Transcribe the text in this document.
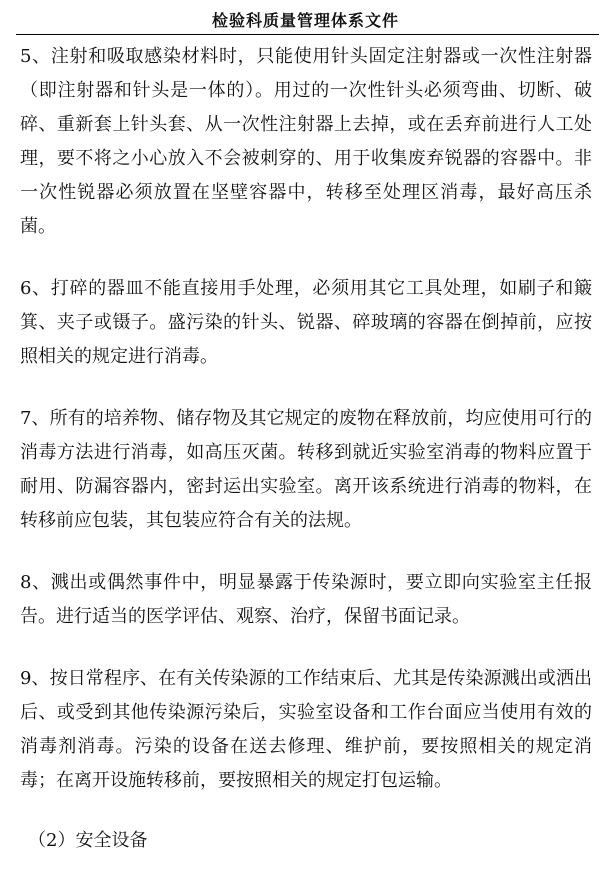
检验科质量管理体系文件

5、注射和吸取感染材料时，只能使用针头固定注射器或一次性注射器（即注射器和针头是一体的）。用过的一次性针头必须弯曲、切断、破碎、重新套上针头套、从一次性注射器上去掉，或在丢弃前进行人工处理，要不将之小心放入不会被刺穿的、用于收集废弃锐器的容器中。非一次性锐器必须放置在坚壁容器中，转移至处理区消毒，最好高压杀菌。

6、打碎的器皿不能直接用手处理，必须用其它工具处理，如刷子和簸箕、夹子或镊子。盛污染的针头、锐器、碎玻璃的容器在倒掉前，应按照相关的规定进行消毒。

7、所有的培养物、储存物及其它规定的废物在释放前，均应使用可行的消毒方法进行消毒，如高压灭菌。转移到就近实验室消毒的物料应置于耐用、防漏容器内，密封运出实验室。离开该系统进行消毒的物料，在转移前应包装，其包装应符合有关的法规。

8、溅出或偶然事件中，明显暴露于传染源时，要立即向实验室主任报告。进行适当的医学评估、观察、治疗，保留书面记录。

9、按日常程序、在有关传染源的工作结束后、尤其是传染源溅出或洒出后、或受到其他传染源污染后，实验室设备和工作台面应当使用有效的消毒剂消毒。污染的设备在送去修理、维护前，要按照相关的规定消毒；在离开设施转移前，要按照相关的规定打包运输。

（2）安全设备
